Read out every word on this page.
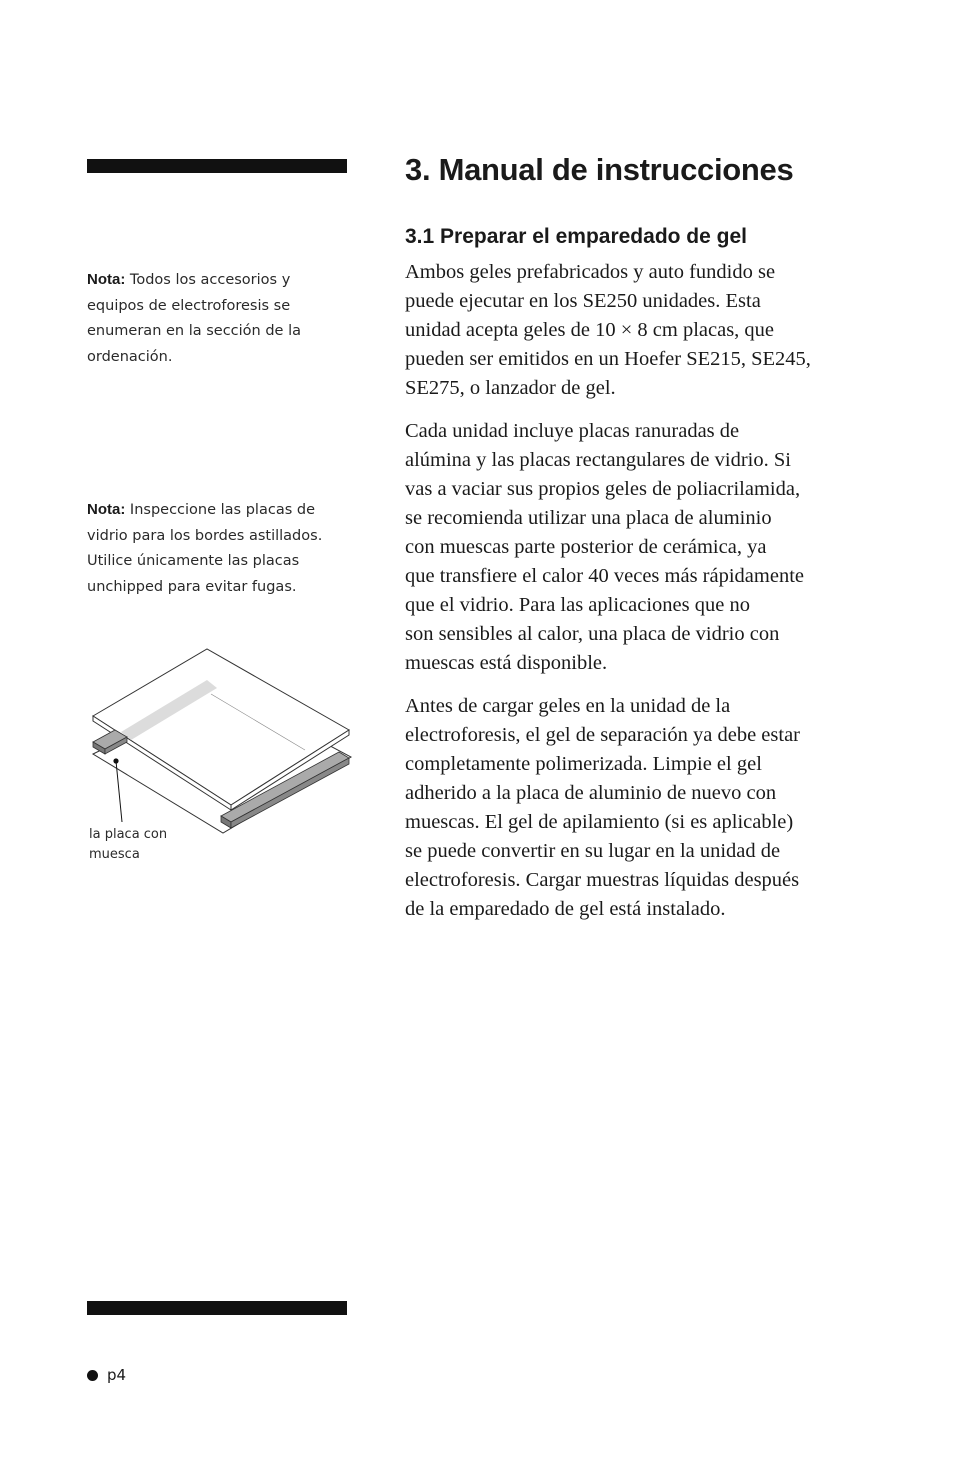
3. Manual de instrucciones
3.1 Preparar el emparedado de gel
Ambos geles prefabricados y auto fundido se
puede ejecutar en los SE250 unidades. Esta
unidad acepta geles de 10 × 8 cm placas, que
pueden ser emitidos en un Hoefer SE215, SE245,
SE275, o lanzador de gel.
Cada unidad incluye placas ranuradas de
alúmina y las placas rectangulares de vidrio. Si
vas a vaciar sus propios geles de poliacrilamida,
se recomienda utilizar una placa de aluminio
con muescas parte posterior de cerámica, ya
que transfiere el calor 40 veces más rápidamente
que el vidrio. Para las aplicaciones que no
son sensibles al calor, una placa de vidrio con
muescas está disponible.
Antes de cargar geles en la unidad de la
electroforesis, el gel de separación ya debe estar
completamente polimerizada. Limpie el gel
adherido a la placa de aluminio de nuevo con
muescas. El gel de apilamiento (si es aplicable)
se puede convertir en su lugar en la unidad de
electroforesis. Cargar muestras líquidas después
de la emparedado de gel está instalado.
Nota: Todos los accesorios y
equipos de electroforesis se
enumeran en la sección de la
ordenación.
Nota: Inspeccione las placas de
vidrio para los bordes astillados.
Utilice únicamente las placas
unchipped para evitar fugas.
la placa con
muesca
p4
